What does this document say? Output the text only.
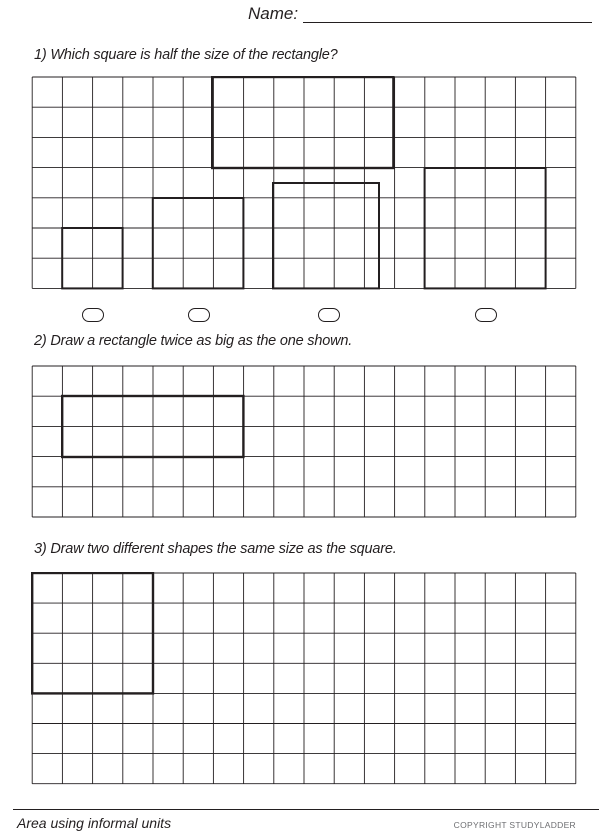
Name:
1) Which square is half the size of the rectangle?
2) Draw a rectangle twice as big as the one shown.
3) Draw two different shapes the same size as the square.
Area using informal units	COPYRIGHT STUDYLADDER
